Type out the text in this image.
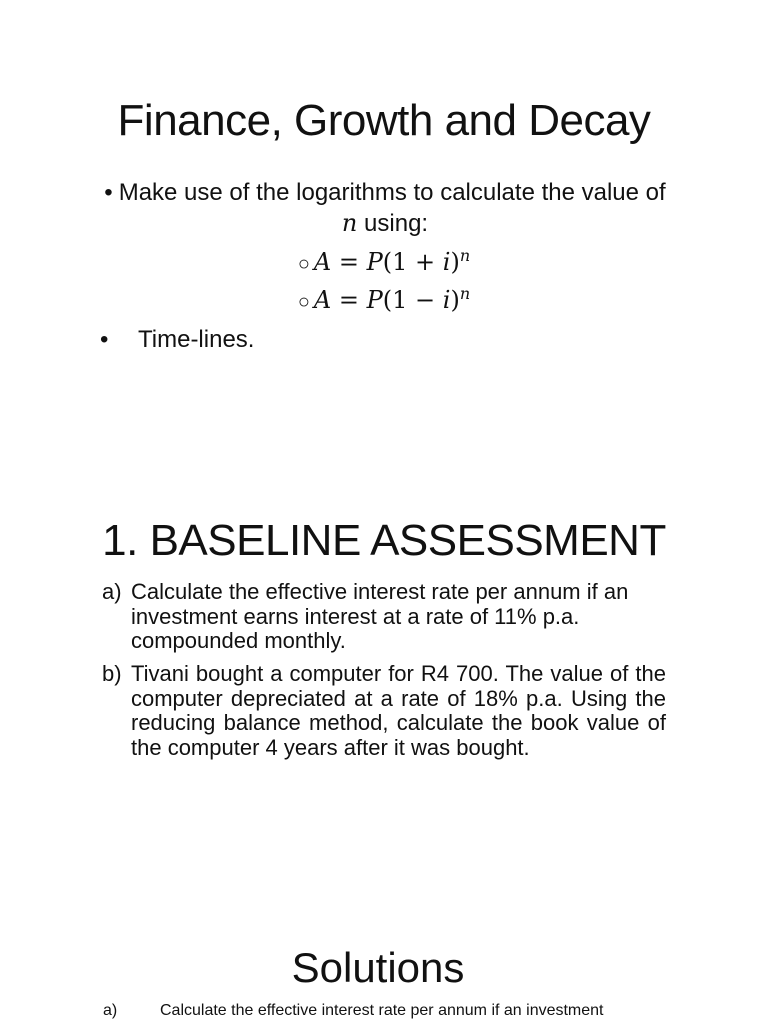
Finance, Growth and Decay
• Make use of the logarithms to calculate the value of n using:
○ $A = P(1 + i)^n$
○ $A = P(1 - i)^n$
• Time-lines.
1. BASELINE ASSESSMENT
a) Calculate the effective interest rate per annum if an investment earns interest at a rate of 11% p.a. compounded monthly.
b) Tivani bought a computer for R4 700. The value of the computer depreciated at a rate of 18% p.a. Using the reducing balance method, calculate the book value of the computer 4 years after it was bought.
Solutions
a)	Calculate the effective interest rate per annum if an investment
